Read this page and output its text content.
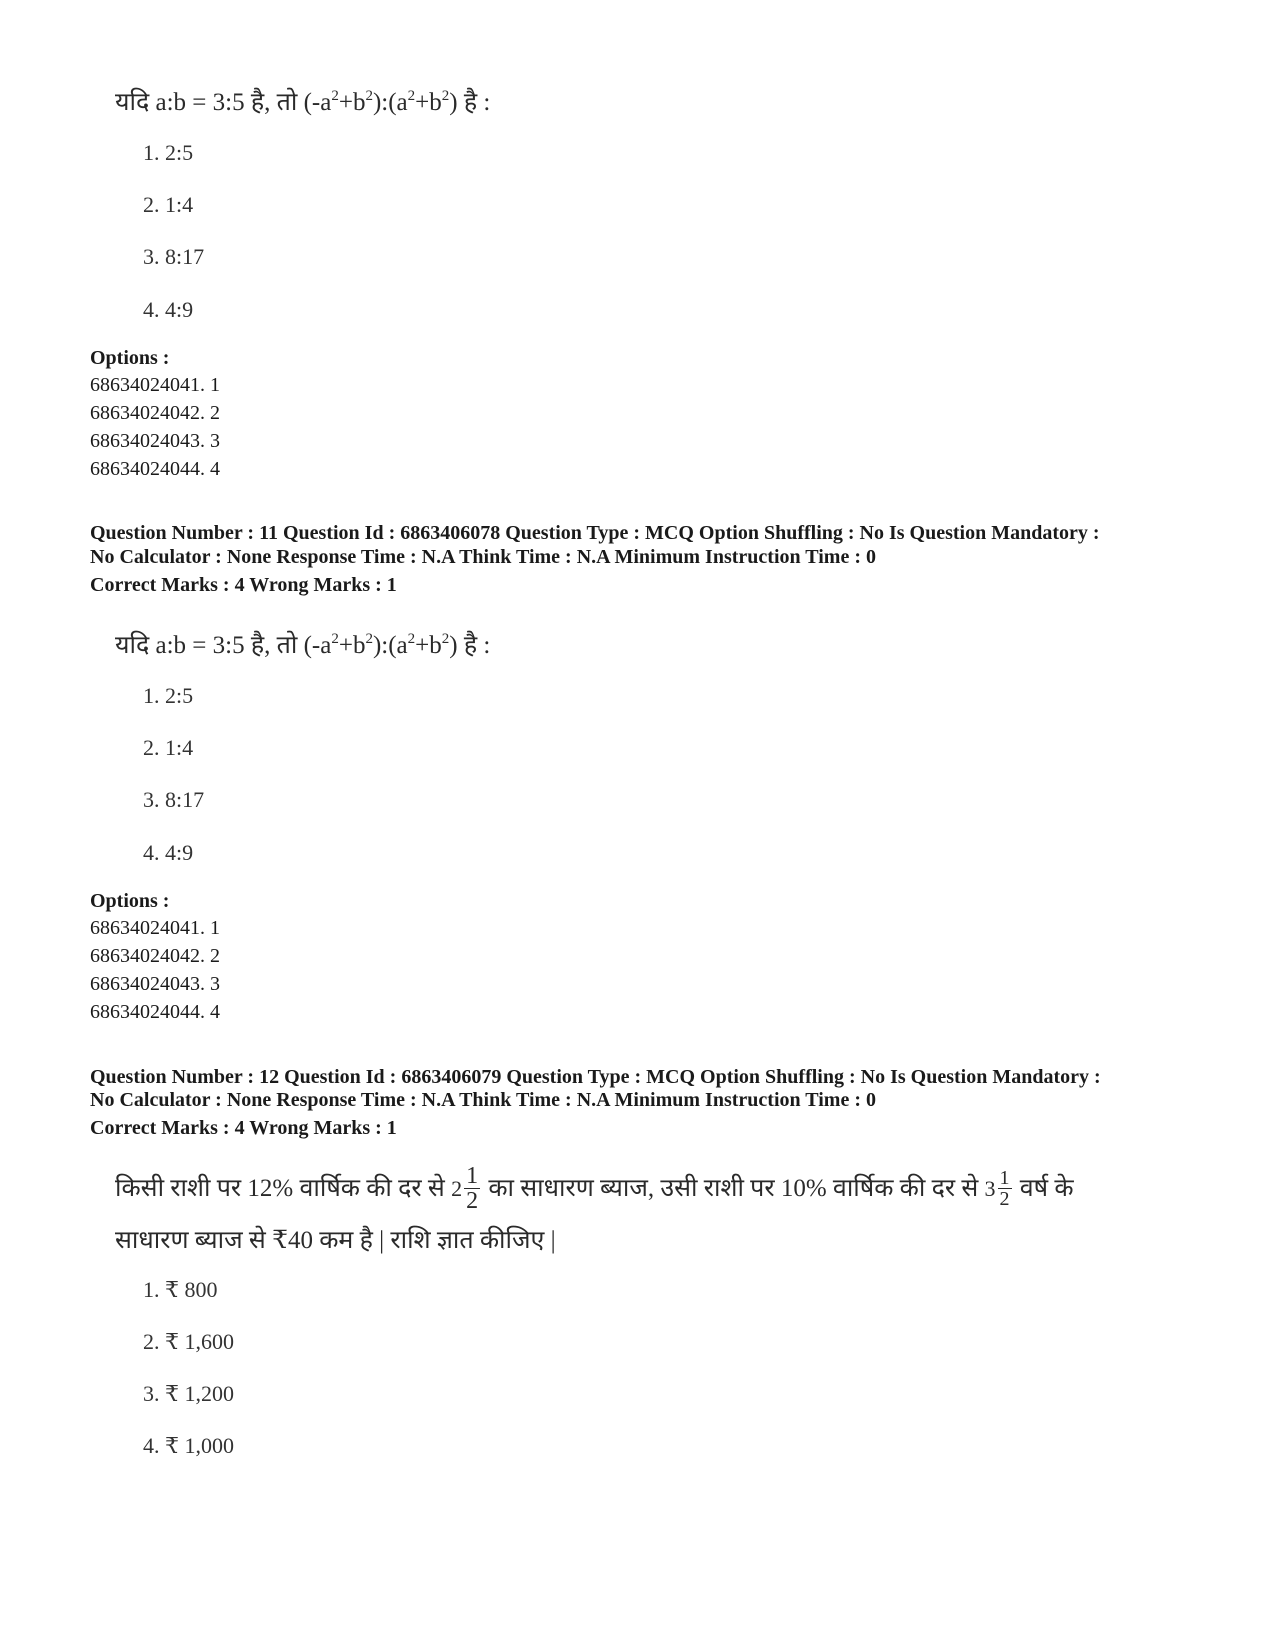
यदि a:b = 3:5 है, तो $(-a^2+b^2):(a^2+b^2)$ है :
1. 2:5
2. 1:4
3. 8:17
4. 4:9
Options :
68634024041. 1
68634024042. 2
68634024043. 3
68634024044. 4
Question Number : 11 Question Id : 6863406078 Question Type : MCQ Option Shuffling : No Is Question Mandatory :
No Calculator : None Response Time : N.A Think Time : N.A Minimum Instruction Time : 0
Correct Marks : 4 Wrong Marks : 1
यदि a:b = 3:5 है, तो $(-a^2+b^2):(a^2+b^2)$ है :
1. 2:5
2. 1:4
3. 8:17
4. 4:9
Options :
68634024041. 1
68634024042. 2
68634024043. 3
68634024044. 4
Question Number : 12 Question Id : 6863406079 Question Type : MCQ Option Shuffling : No Is Question Mandatory :
No Calculator : None Response Time : N.A Think Time : N.A Minimum Instruction Time : 0
Correct Marks : 4 Wrong Marks : 1
किसी राशी पर 12% वार्षिक की दर से $2 \frac{1}{2}$ का साधारण ब्याज, उसी राशी पर 10% वार्षिक की दर से $3 \frac{1}{2}$ वर्ष के
साधारण ब्याज से ₹40 कम है | राशि ज्ञात कीजिए |
1. ₹ 800
2. ₹ 1,600
3. ₹ 1,200
4. ₹ 1,000
